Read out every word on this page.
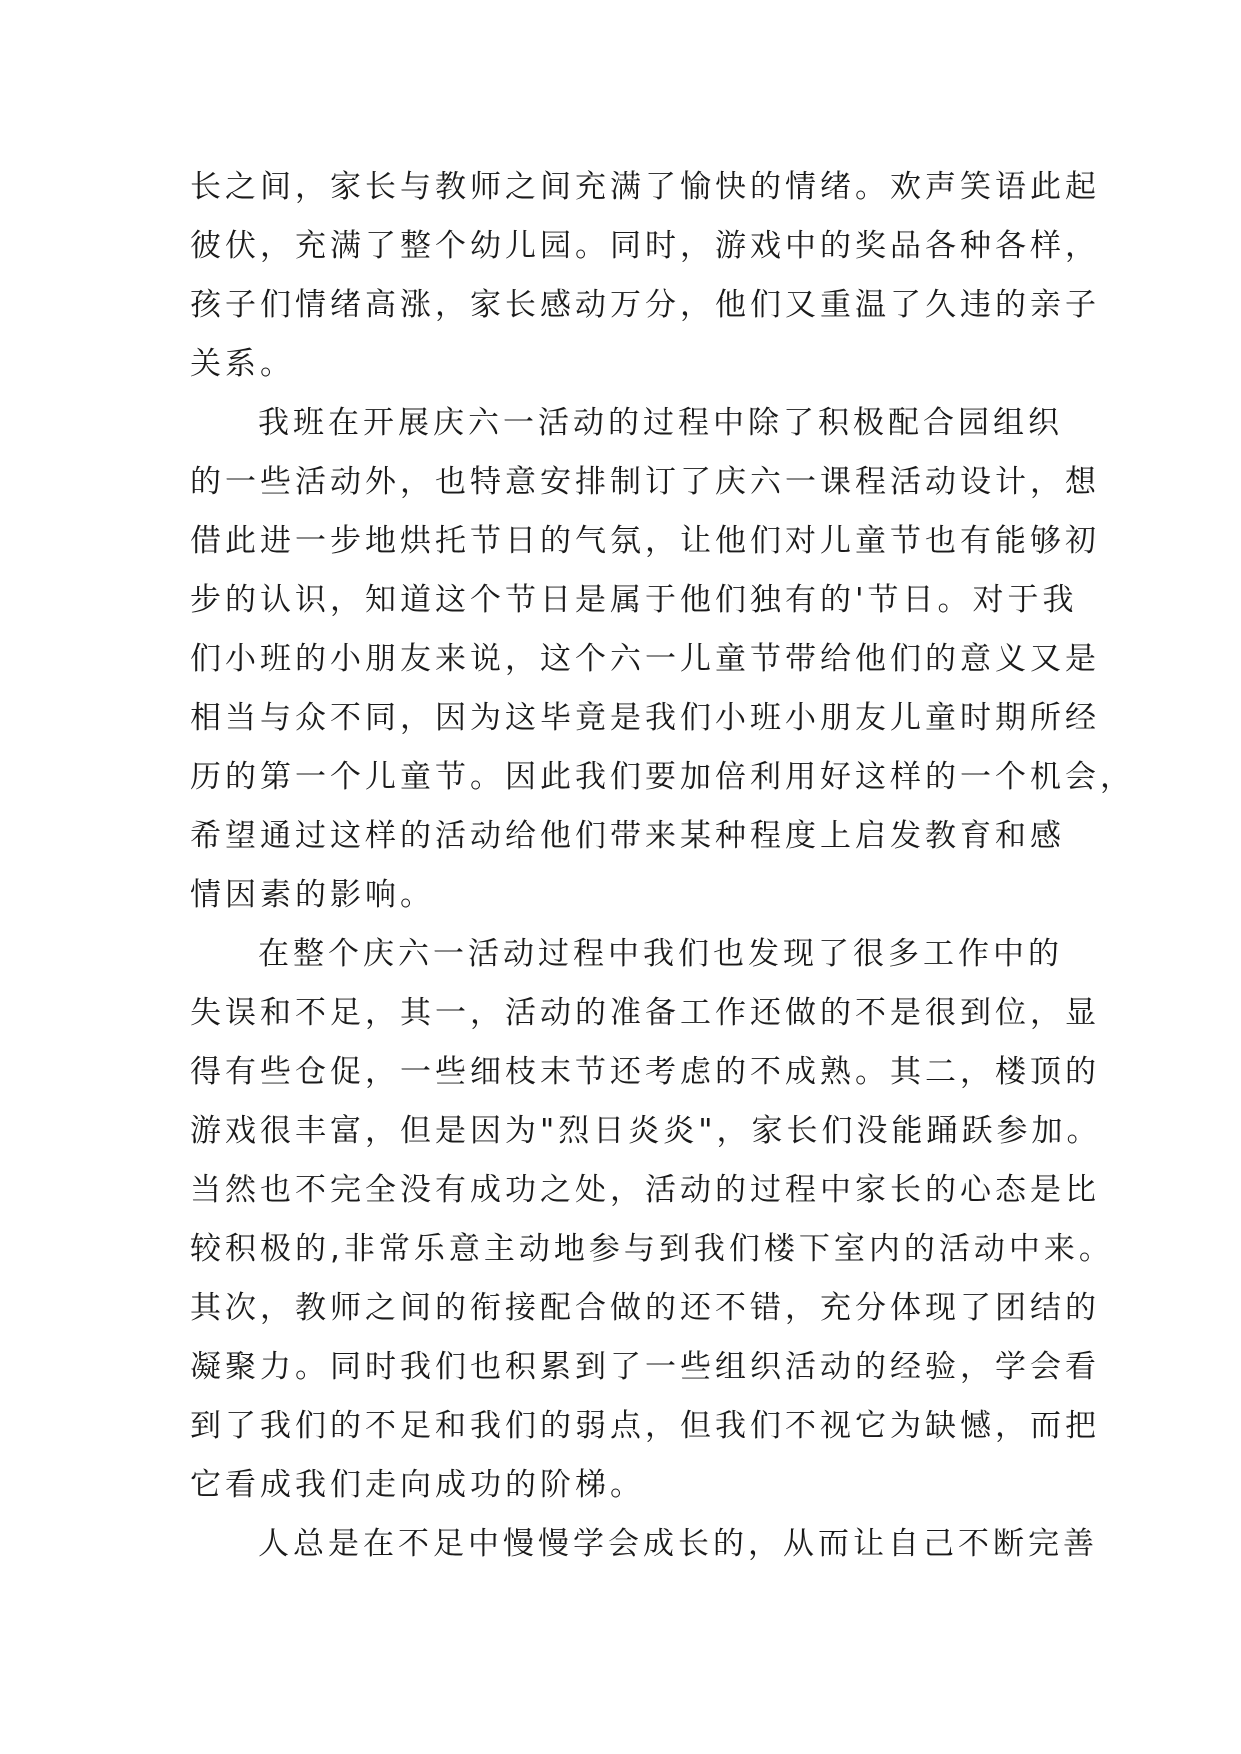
长之间，家长与教师之间充满了愉快的情绪。欢声笑语此起
彼伏，充满了整个幼儿园。同时，游戏中的奖品各种各样，
孩子们情绪高涨，家长感动万分，他们又重温了久违的亲子
关系。
我班在开展庆六一活动的过程中除了积极配合园组织
的一些活动外，也特意安排制订了庆六一课程活动设计，想
借此进一步地烘托节日的气氛，让他们对儿童节也有能够初
步的认识，知道这个节日是属于他们独有的'节日。对于我
们小班的小朋友来说，这个六一儿童节带给他们的意义又是
相当与众不同，因为这毕竟是我们小班小朋友儿童时期所经
历的第一个儿童节。因此我们要加倍利用好这样的一个机会，
希望通过这样的活动给他们带来某种程度上启发教育和感
情因素的影响。
在整个庆六一活动过程中我们也发现了很多工作中的
失误和不足，其一，活动的准备工作还做的不是很到位，显
得有些仓促，一些细枝末节还考虑的不成熟。其二，楼顶的
游戏很丰富，但是因为"烈日炎炎"，家长们没能踊跃参加。
当然也不完全没有成功之处，活动的过程中家长的心态是比
较积极的,非常乐意主动地参与到我们楼下室内的活动中来。
其次，教师之间的衔接配合做的还不错，充分体现了团结的
凝聚力。同时我们也积累到了一些组织活动的经验，学会看
到了我们的不足和我们的弱点，但我们不视它为缺憾，而把
它看成我们走向成功的阶梯。
人总是在不足中慢慢学会成长的，从而让自己不断完善
